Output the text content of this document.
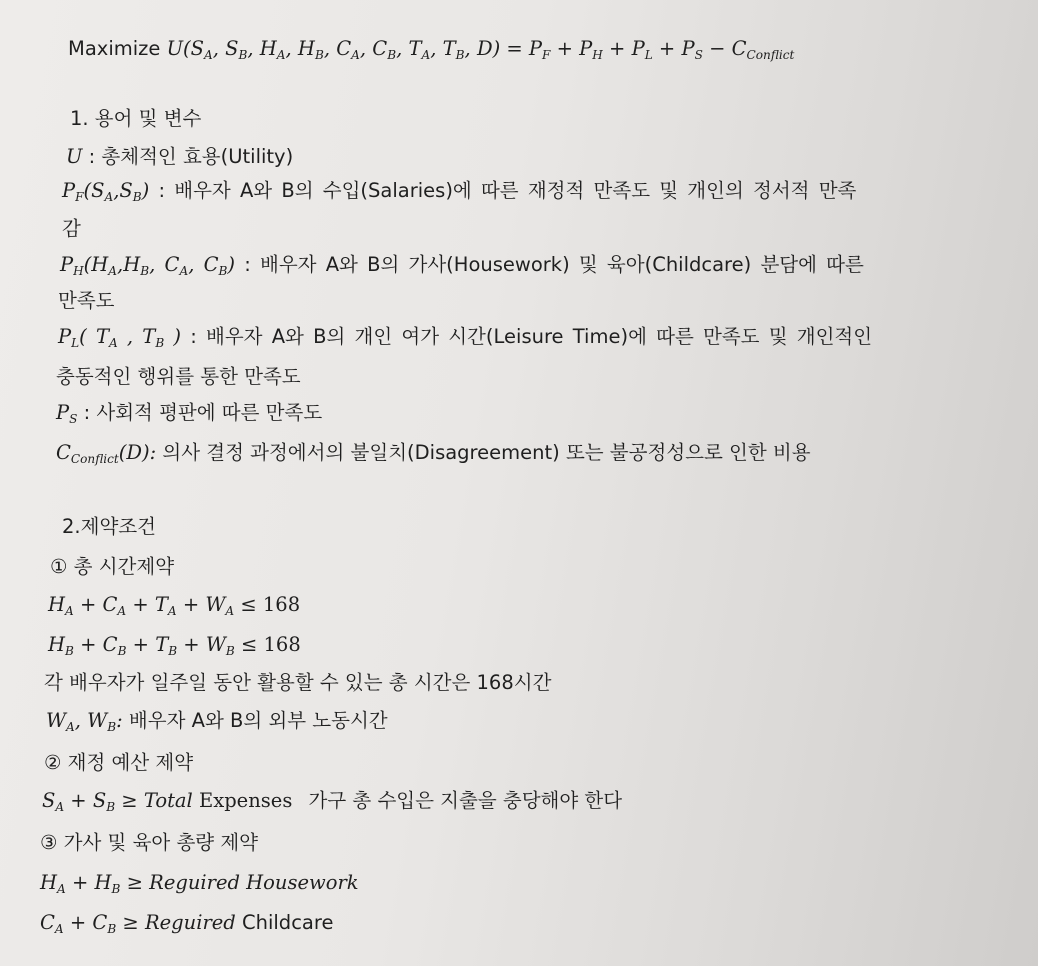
Maximize $U(S_A$, $S_B$, $H_A$, $H_B$, $C_A$, $C_B$, $T_A$, $T_B$, $D) = P_F + P_H + P_L + P_S - C_{Conflict}$
1. 용어 및 변수
U : 총체적인 효용(Utility)
$P_F(S_A,S_B)$ : 배우자 A와 B의 수입(Salaries)에 따른 재정적 만족도 및 개인의 정서적 만족
감
$P_H(H_A,H_B$, $C_A$, $C_B$) : 배우자 A와 B의 가사(Housework) 및 육아(Childcare) 분담에 따른
만족도
$P_L$( $T_A$ , $T_B$ ) : 배우자 A와 B의 개인 여가 시간(Leisure Time)에 따른 만족도 및 개인적인
충동적인 행위를 통한 만족도
$P_S$ : 사회적 평판에 따른 만족도
$C_{Conflict}(D)$: 의사 결정 과정에서의 불일치(Disagreement) 또는 불공정성으로 인한 비용
2.제약조건
① 총 시간제약
$H_A + C_A + T_A + W_A \le 168$
$H_B + C_B + T_B + W_B \le 168$
각 배우자가 일주일 동안 활용할 수 있는 총 시간은 168시간
$W_A$, $W_B$: 배우자 A와 B의 외부 노동시간
② 재정 예산 제약
$S_A + S_B$ ≥ Total Expenses 가구 총 수입은 지출을 충당해야 한다
③ 가사 및 육아 총량 제약
$H_A + H_B$ ≥ Reguired Housework
$C_A + C_B$ ≥ Reguired Childcare
